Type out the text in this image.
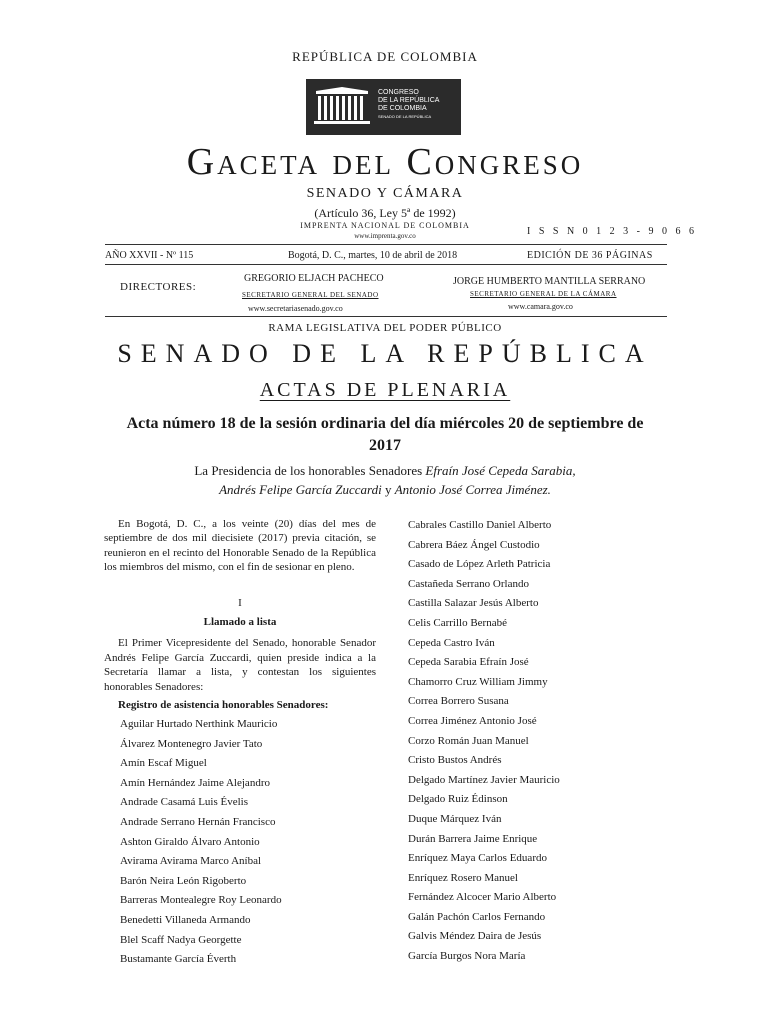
REPÚBLICA DE COLOMBIA
CONGRESO
DE LA REPÚBLICA
DE COLOMBIA
SENADO DE LA REPÚBLICA
Gaceta del Congreso
SENADO Y CÁMARA
(Artículo 36, Ley 5ª de 1992)
IMPRENTA NACIONAL DE COLOMBIA
www.imprenta.gov.co	I S S N 0 1 2 3 - 9 0 6 6
AÑO XXVII - Nº 115	Bogotá, D. C., martes, 10 de abril de 2018	EDICIÓN DE 36 PÁGINAS
DIRECTORES:
GREGORIO ELJACH PACHECO
SECRETARIO GENERAL DEL SENADO
www.secretariasenado.gov.co
JORGE HUMBERTO MANTILLA SERRANO
SECRETARIO GENERAL DE LA CÁMARA
www.camara.gov.co
RAMA LEGISLATIVA DEL PODER PÚBLICO
SENADO DE LA REPÚBLICA
ACTAS DE PLENARIA
Acta número 18 de la sesión ordinaria del día miércoles 20 de septiembre de 2017
La Presidencia de los honorables Senadores Efraín José Cepeda Sarabia,
Andrés Felipe García Zuccardi y Antonio José Correa Jiménez.
En Bogotá, D. C., a los veinte (20) días del mes de septiembre de dos mil diecisiete (2017) previa citación, se reunieron en el recinto del Honorable Senado de la República los miembros del mismo, con el fin de sesionar en pleno.
I
Llamado a lista
El Primer Vicepresidente del Senado, honorable Senador Andrés Felipe García Zuccardi, quien preside indica a la Secretaría llamar a lista, y contestan los siguientes honorables Senadores:
Registro de asistencia honorables Senadores:
Aguilar Hurtado Nerthink Mauricio
Álvarez Montenegro Javier Tato
Amín Escaf Miguel
Amín Hernández Jaime Alejandro
Andrade Casamá Luis Évelis
Andrade Serrano Hernán Francisco
Ashton Giraldo Álvaro Antonio
Avirama Avirama Marco Aníbal
Barón Neira León Rigoberto
Barreras Montealegre Roy Leonardo
Benedetti Villaneda Armando
Blel Scaff Nadya Georgette
Bustamante García Éverth
Cabrales Castillo Daniel Alberto
Cabrera Báez Ángel Custodio
Casado de López Arleth Patricia
Castañeda Serrano Orlando
Castilla Salazar Jesús Alberto
Celis Carrillo Bernabé
Cepeda Castro Iván
Cepeda Sarabia Efraín José
Chamorro Cruz William Jimmy
Correa Borrero Susana
Correa Jiménez Antonio José
Corzo Román Juan Manuel
Cristo Bustos Andrés
Delgado Martínez Javier Mauricio
Delgado Ruiz Édinson
Duque Márquez Iván
Durán Barrera Jaime Enrique
Enríquez Maya Carlos Eduardo
Enríquez Rosero Manuel
Fernández Alcocer Mario Alberto
Galán Pachón Carlos Fernando
Galvis Méndez Daira de Jesús
García Burgos Nora María
